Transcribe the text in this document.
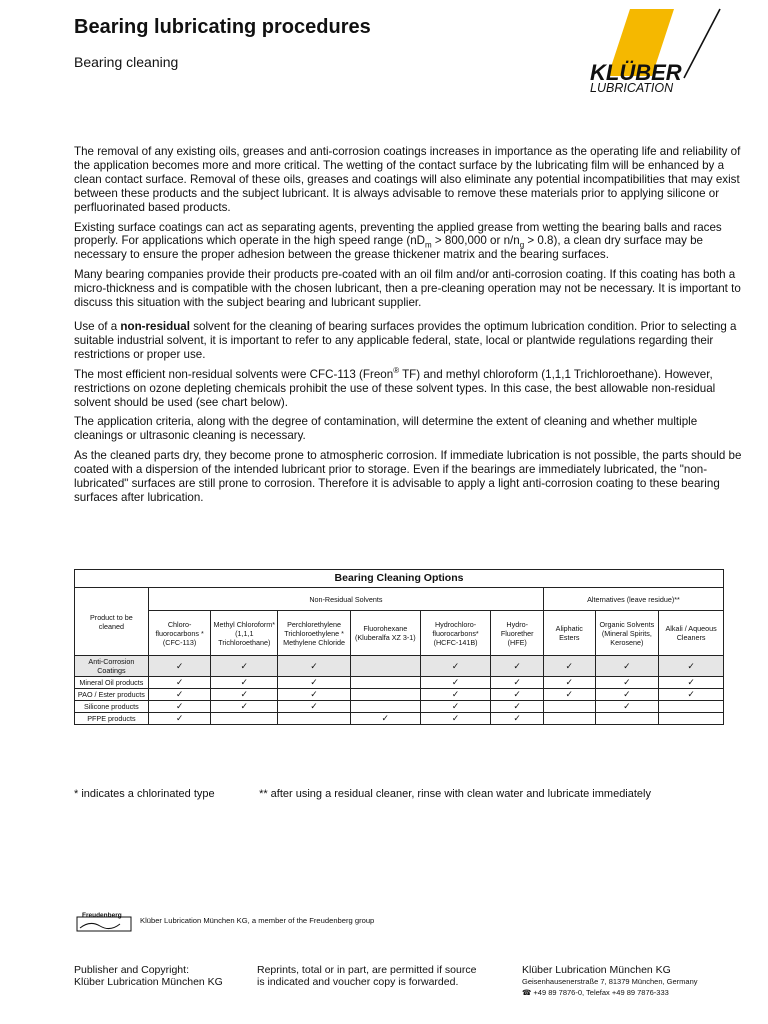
Bearing lubricating procedures
Bearing cleaning	KLÜBER
LUBRICATION

The removal of any existing oils, greases and anti-corrosion coatings increases in importance as the operating life and reliability of the application becomes more and more critical. The wetting of the contact surface by the lubricating film will be enhanced by a clean contact surface. Removal of these oils, greases and coatings will also eliminate any potential incompatibilities that may exist between these products and the subject lubricant. It is always advisable to remove these materials prior to applying silicone or perfluorinated based products.

Existing surface coatings can act as separating agents, preventing the applied grease from wetting the bearing balls and races properly. For applications which operate in the high speed range ($nD_m > 800,000$ or $n/n_g > 0.8$), a clean dry surface may be necessary to ensure the proper adhesion between the grease thickener matrix and the bearing surfaces.

Many bearing companies provide their products pre-coated with an oil film and/or anti-corrosion coating. If this coating has both a micro-thickness and is compatible with the chosen lubricant, then a pre-cleaning operation may not be necessary. It is important to discuss this situation with the subject bearing and lubricant supplier.

Use of a non-residual solvent for the cleaning of bearing surfaces provides the optimum lubrication condition. Prior to selecting a suitable industrial solvent, it is important to refer to any applicable federal, state, local or plantwide regulations regarding their restrictions or proper use.

The most efficient non-residual solvents were CFC-113 (Freon® TF) and methyl chloroform (1,1,1 Trichloroethane). However, restrictions on ozone depleting chemicals prohibit the use of these solvent types. In this case, the best allowable non-residual solvent should be used (see chart below).

The application criteria, along with the degree of contamination, will determine the extent of cleaning and whether multiple cleanings or ultrasonic cleaning is necessary.

As the cleaned parts dry, they become prone to atmospheric corrosion. If immediate lubrication is not possible, the parts should be coated with a dispersion of the intended lubricant prior to storage. Even if the bearings are immediately lubricated, the "non-lubricated" surfaces are still prone to corrosion. Therefore it is advisable to apply a light anti-corrosion coating to these bearing surfaces after lubrication.

Bearing Cleaning Options									
Product to be cleaned	Non-Residual Solvents						Alternatives (leave residue)**		
	Chloro-fluorocarbons * (CFC-113)	Methyl Chloroform* (1,1,1 Trichloroethane)	Perchlorethylene Trichloroethylene * Methylene Chloride	Fluorohexane (Kluberalfa XZ 3-1)	Hydrochloro-fluorocarbons* (HCFC-141B)	Hydro-Fluorether (HFE)	Aliphatic Esters	Organic Solvents (Mineral Spirits, Kerosene)	Alkali / Aqueous Cleaners
Anti-Corrosion Coatings	✓	✓	✓		✓	✓	✓	✓	✓
Mineral Oil products	✓	✓	✓		✓	✓	✓	✓	✓
PAO / Ester products	✓	✓	✓		✓	✓	✓	✓	✓
Silicone products	✓	✓	✓		✓	✓		✓	
PFPE products	✓			✓	✓	✓			
* indicates a chlorinated type	** after using a residual cleaner, rinse with clean water and lubricate immediately
Freudenberg
Klüber Lubrication München KG, a member of the Freudenberg group
Publisher and Copyright:
Klüber Lubrication München KG
Reprints, total or in part, are permitted if source
is indicated and voucher copy is forwarded.
Klüber Lubrication München KG
Geisenhausenerstraße 7, 81379 München, Germany
☎ +49 89 7876-0, Telefax +49 89 7876-333
